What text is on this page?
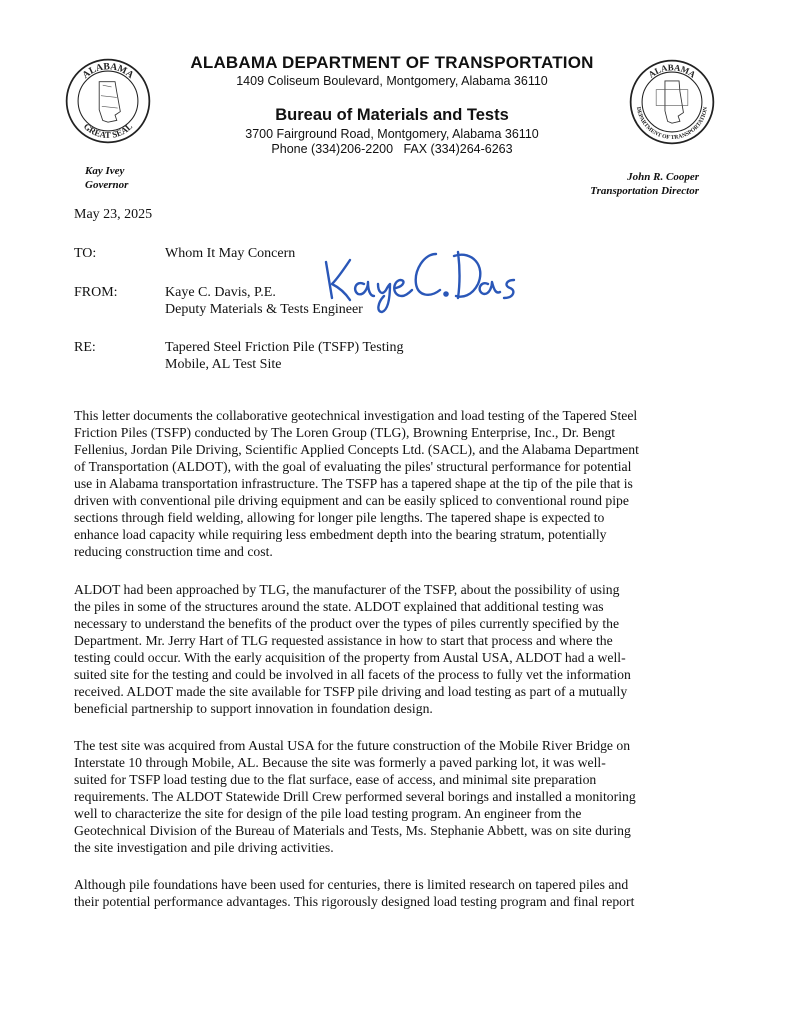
ALABAMA
GREAT SEAL
ALABAMA
DEPARTMENT OF TRANSPORTATION
ALABAMA DEPARTMENT OF TRANSPORTATION
1409 Coliseum Boulevard, Montgomery, Alabama 36110
Bureau of Materials and Tests
3700 Fairground Road, Montgomery, Alabama 36110
Phone (334)206-2200   FAX (334)264-6263
Kay Ivey
Governor
John R. Cooper
Transportation Director
May 23, 2025
TO:	Whom It May Concern
FROM:	Kaye C. Davis, P.E.
Deputy Materials & Tests Engineer
RE:	Tapered Steel Friction Pile (TSFP) Testing
Mobile, AL Test Site
This letter documents the collaborative geotechnical investigation and load testing of the Tapered Steel
Friction Piles (TSFP) conducted by The Loren Group (TLG), Browning Enterprise, Inc., Dr. Bengt
Fellenius, Jordan Pile Driving, Scientific Applied Concepts Ltd. (SACL), and the Alabama Department
of Transportation (ALDOT), with the goal of evaluating the piles' structural performance for potential
use in Alabama transportation infrastructure. The TSFP has a tapered shape at the tip of the pile that is
driven with conventional pile driving equipment and can be easily spliced to conventional round pipe
sections through field welding, allowing for longer pile lengths. The tapered shape is expected to
enhance load capacity while requiring less embedment depth into the bearing stratum, potentially
reducing construction time and cost.
ALDOT had been approached by TLG, the manufacturer of the TSFP, about the possibility of using
the piles in some of the structures around the state. ALDOT explained that additional testing was
necessary to understand the benefits of the product over the types of piles currently specified by the
Department. Mr. Jerry Hart of TLG requested assistance in how to start that process and where the
testing could occur. With the early acquisition of the property from Austal USA, ALDOT had a well-
suited site for the testing and could be involved in all facets of the process to fully vet the information
received. ALDOT made the site available for TSFP pile driving and load testing as part of a mutually
beneficial partnership to support innovation in foundation design.
The test site was acquired from Austal USA for the future construction of the Mobile River Bridge on
Interstate 10 through Mobile, AL. Because the site was formerly a paved parking lot, it was well-
suited for TSFP load testing due to the flat surface, ease of access, and minimal site preparation
requirements. The ALDOT Statewide Drill Crew performed several borings and installed a monitoring
well to characterize the site for design of the pile load testing program. An engineer from the
Geotechnical Division of the Bureau of Materials and Tests, Ms. Stephanie Abbett, was on site during
the site investigation and pile driving activities.
Although pile foundations have been used for centuries, there is limited research on tapered piles and
their potential performance advantages. This rigorously designed load testing program and final report
